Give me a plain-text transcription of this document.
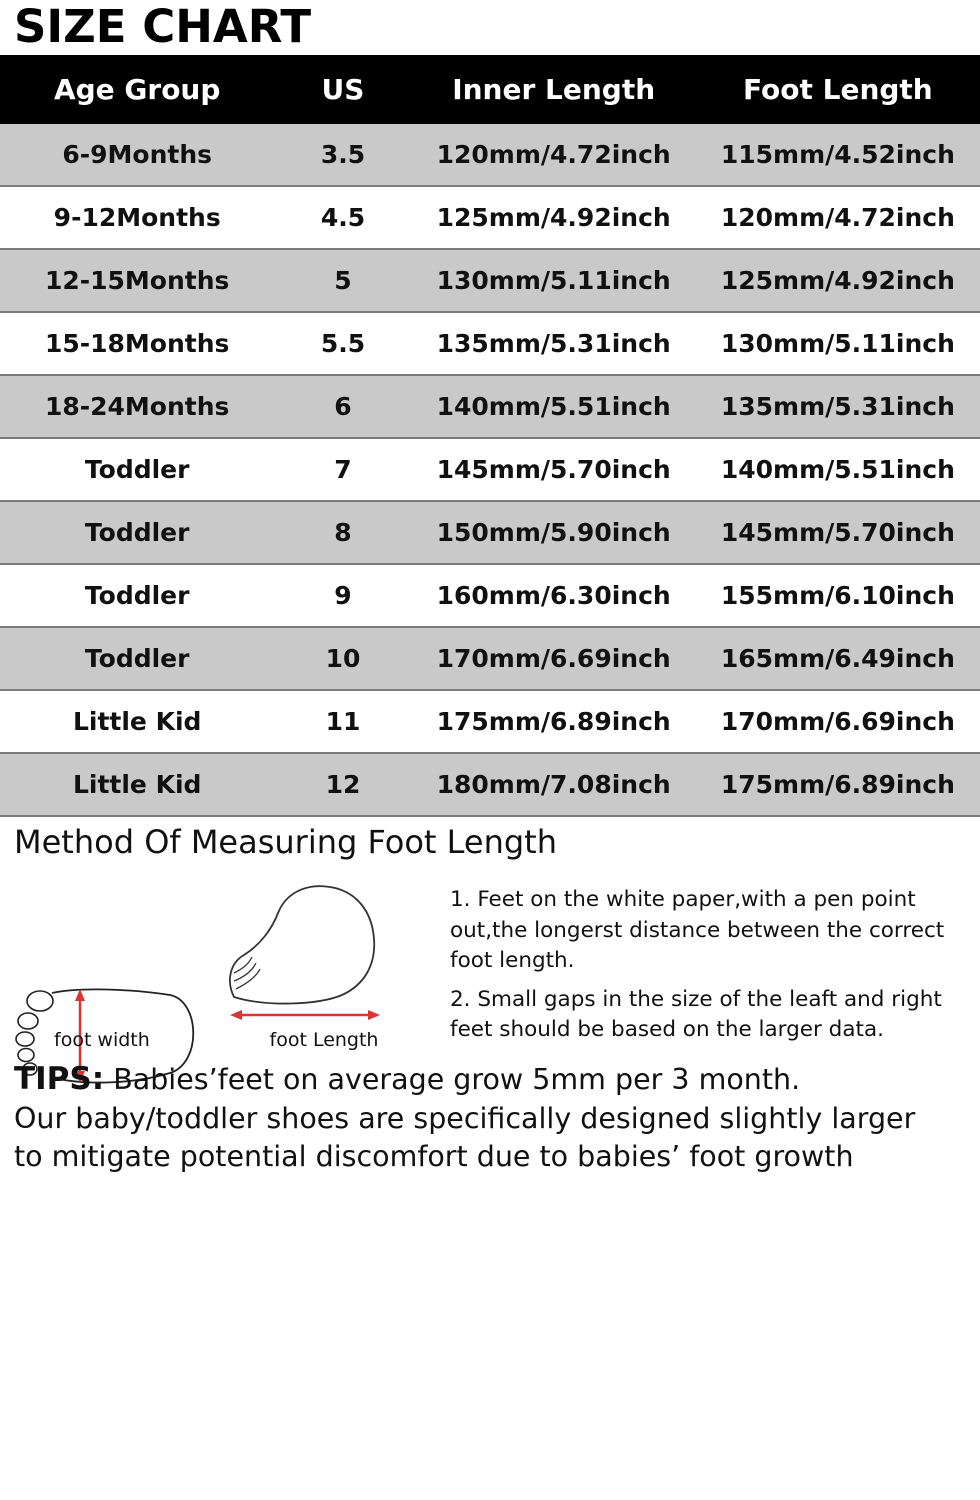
SIZE CHART
Age Group	US	Inner Length	Foot Length
6-9Months	3.5	120mm/4.72inch	115mm/4.52inch
9-12Months	4.5	125mm/4.92inch	120mm/4.72inch
12-15Months	5	130mm/5.11inch	125mm/4.92inch
15-18Months	5.5	135mm/5.31inch	130mm/5.11inch
18-24Months	6	140mm/5.51inch	135mm/5.31inch
Toddler	7	145mm/5.70inch	140mm/5.51inch
Toddler	8	150mm/5.90inch	145mm/5.70inch
Toddler	9	160mm/6.30inch	155mm/6.10inch
Toddler	10	170mm/6.69inch	165mm/6.49inch
Little Kid	11	175mm/6.89inch	170mm/6.69inch
Little Kid	12	180mm/7.08inch	175mm/6.89inch
Method Of Measuring Foot Length
foot width	foot Length
1. Feet on the white paper,with a pen point out,the longerst distance between the correct foot length.
2. Small gaps in the size of the leaft and right feet should be based on the larger data.
TIPS: Babies’feet on average grow 5mm per 3 month.
Our baby/toddler shoes are specifically designed slightly larger
to mitigate potential discomfort due to babies’ foot growth
